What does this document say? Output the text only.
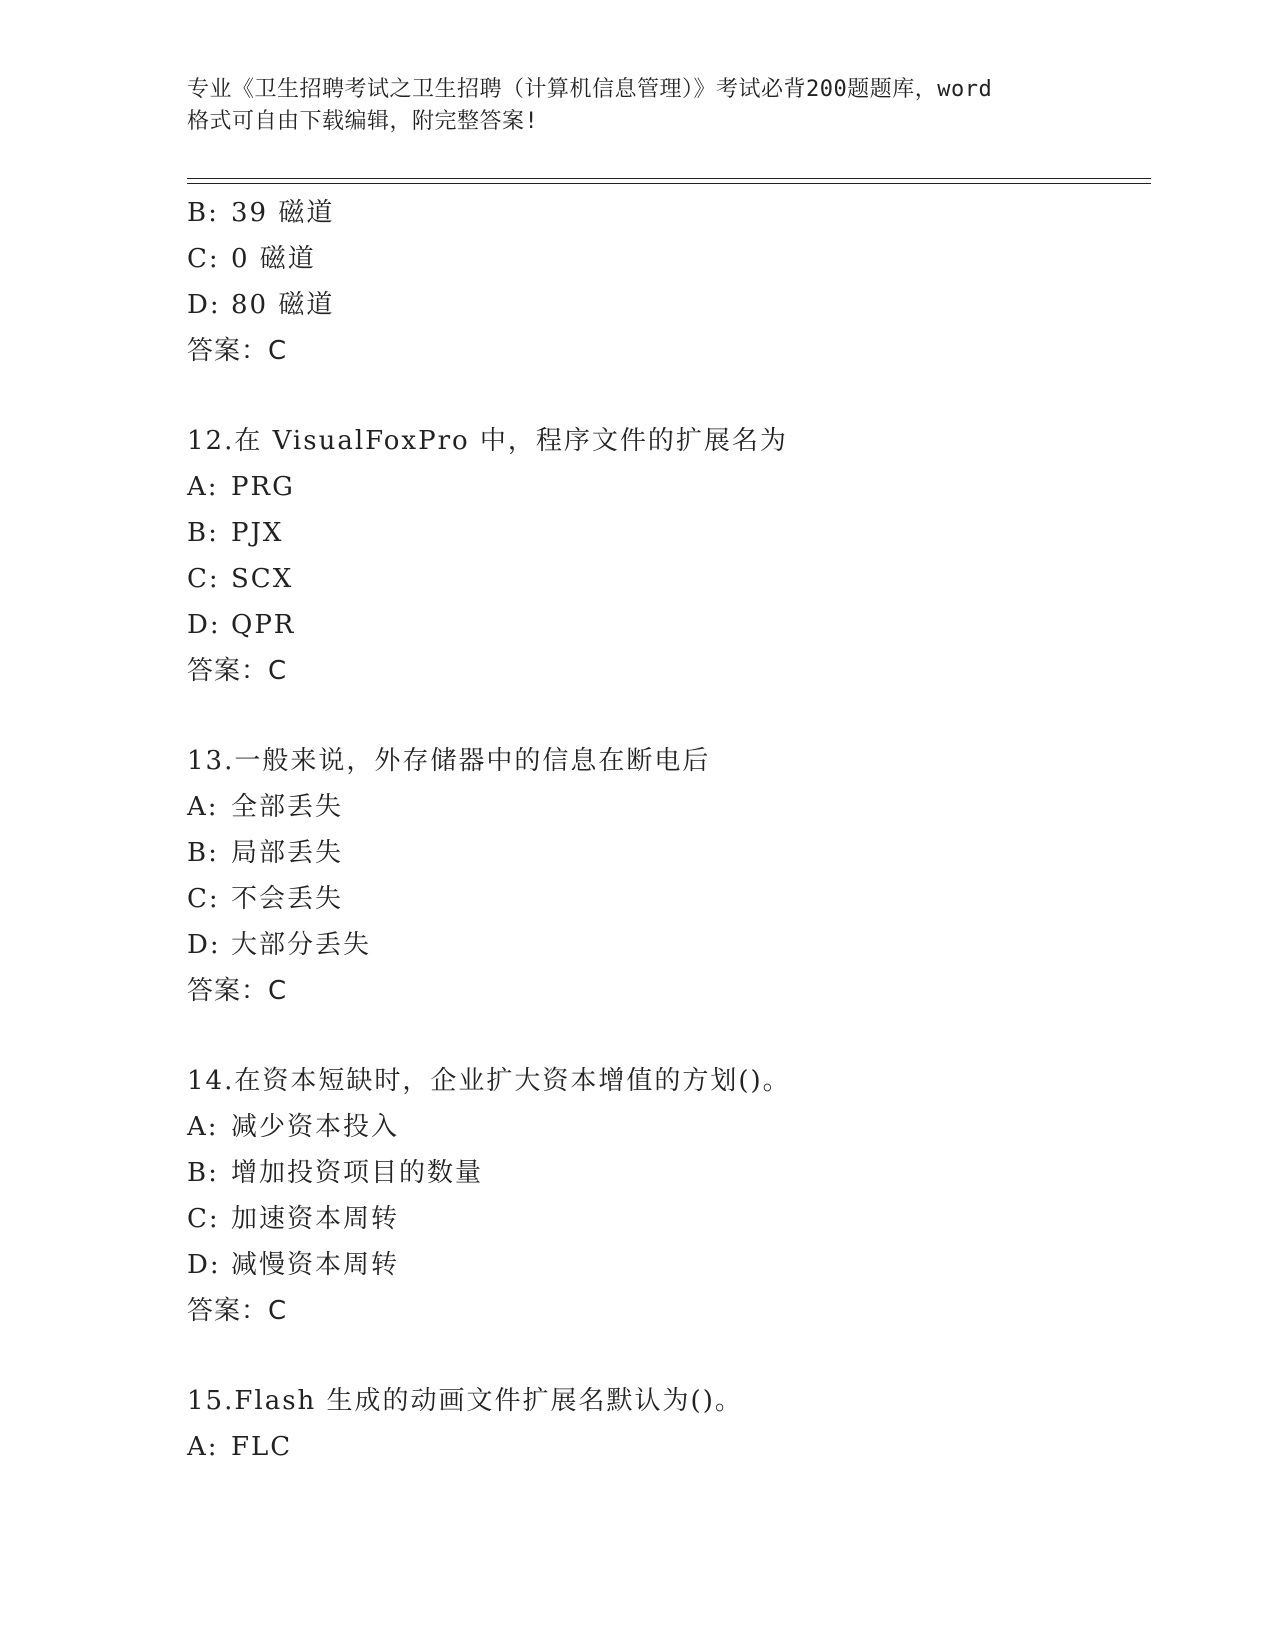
专业《卫生招聘考试之卫生招聘（计算机信息管理）》考试必背200题题库，word
格式可自由下载编辑，附完整答案!
B: 39 磁道
C: 0 磁道
D: 80 磁道
答案：C
12.在 VisualFoxPro 中，程序文件的扩展名为
A: PRG
B: PJX
C: SCX
D: QPR
答案：C
13.一般来说，外存储器中的信息在断电后
A: 全部丢失
B: 局部丢失
C: 不会丢失
D: 大部分丢失
答案：C
14.在资本短缺时，企业扩大资本增值的方划()。
A: 减少资本投入
B: 增加投资项目的数量
C: 加速资本周转
D: 减慢资本周转
答案：C
15.Flash 生成的动画文件扩展名默认为()。
A: FLC
